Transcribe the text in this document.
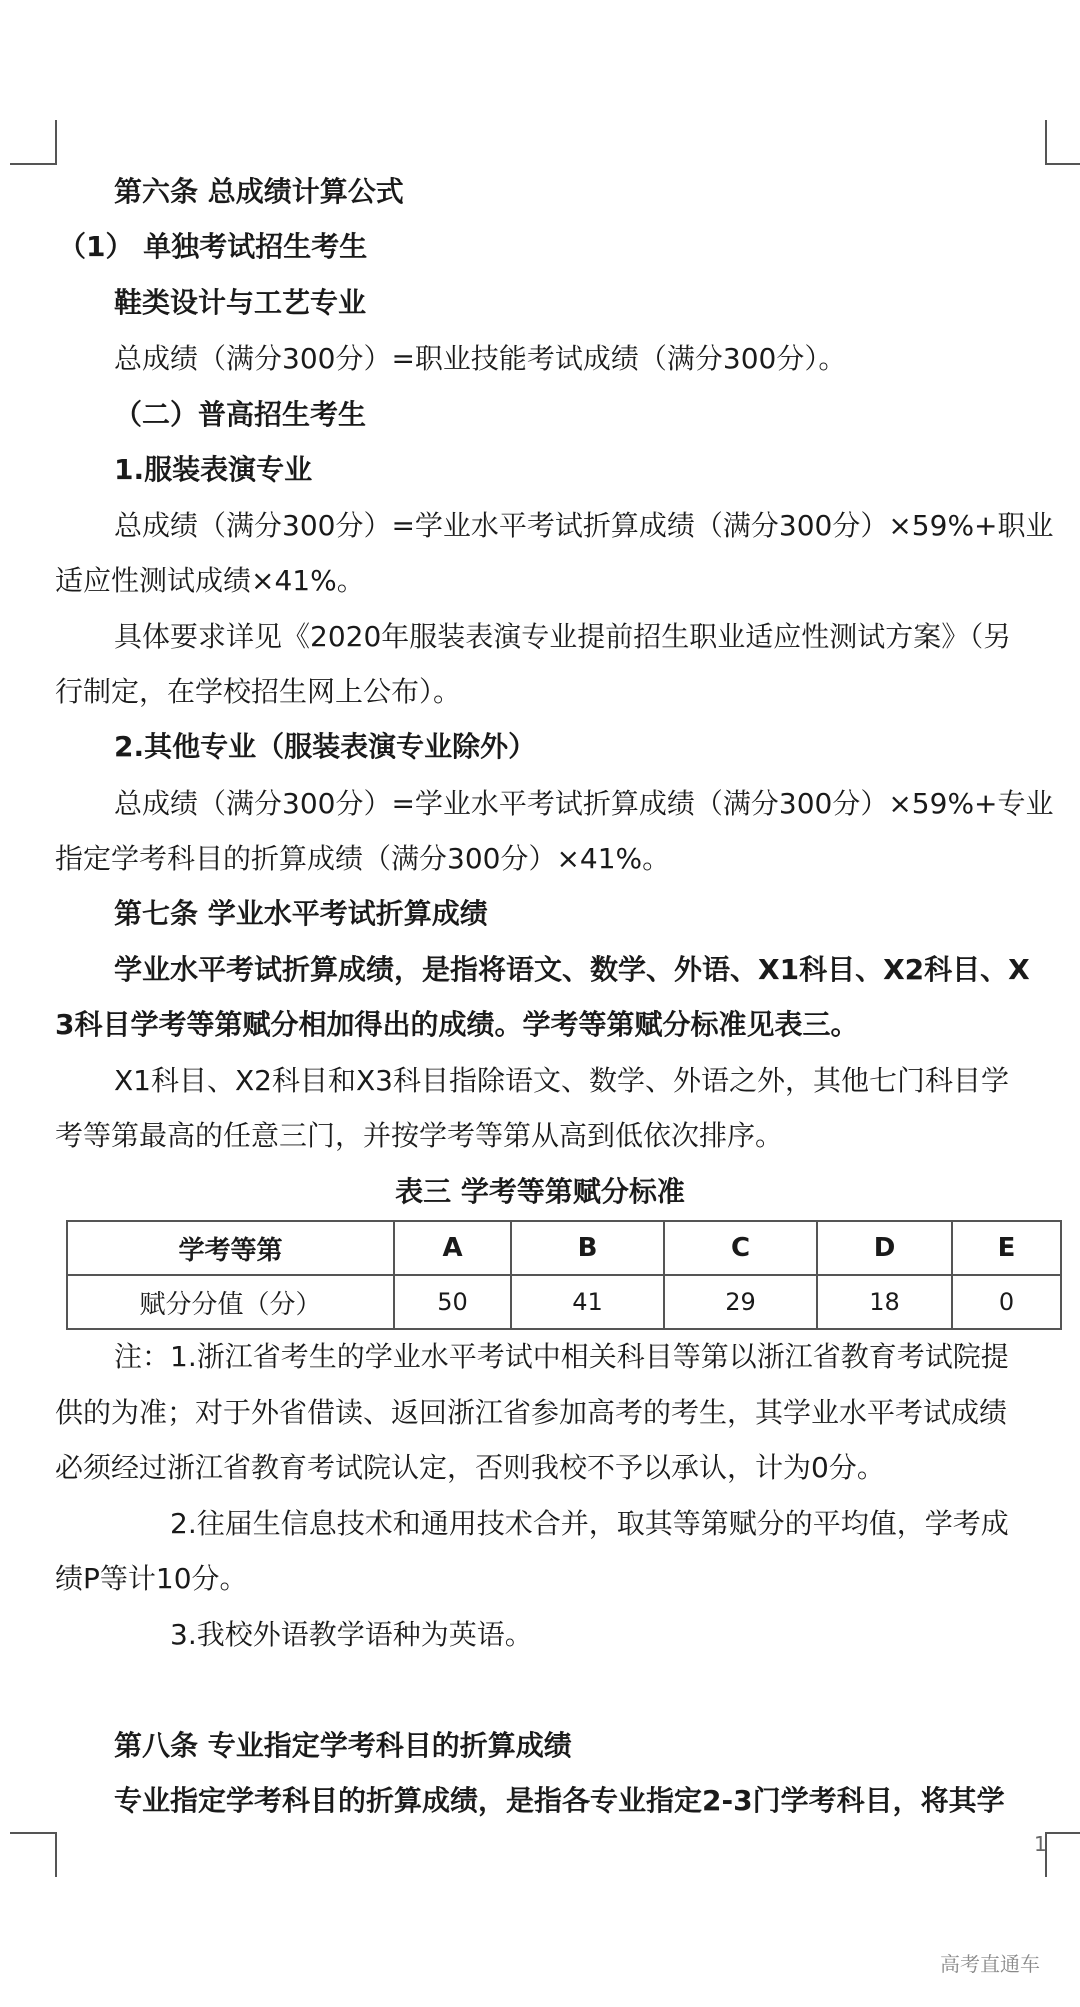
第六条 总成绩计算公式
（1） 单独考试招生考生
鞋类设计与工艺专业
总成绩（满分300分）=职业技能考试成绩（满分300分）。
（二）普高招生考生
1.服装表演专业
总成绩（满分300分）=学业水平考试折算成绩（满分300分）×59%+职业
适应性测试成绩×41%。
具体要求详见《2020年服装表演专业提前招生职业适应性测试方案》（另
行制定，在学校招生网上公布）。
2.其他专业（服装表演专业除外）
总成绩（满分300分）=学业水平考试折算成绩（满分300分）×59%+专业
指定学考科目的折算成绩（满分300分）×41%。
第七条 学业水平考试折算成绩
学业水平考试折算成绩，是指将语文、数学、外语、X1科目、X2科目、X
3科目学考等第赋分相加得出的成绩。学考等第赋分标准见表三。
X1科目、X2科目和X3科目指除语文、数学、外语之外，其他七门科目学
考等第最高的任意三门，并按学考等第从高到低依次排序。
表三 学考等第赋分标准
学考等第	A	B	C	D	E
赋分分值（分）	50	41	29	18	0
注：1.浙江省考生的学业水平考试中相关科目等第以浙江省教育考试院提
供的为准；对于外省借读、返回浙江省参加高考的考生，其学业水平考试成绩
必须经过浙江省教育考试院认定，否则我校不予以承认，计为0分。
2.往届生信息技术和通用技术合并，取其等第赋分的平均值，学考成
绩P等计10分。
3.我校外语教学语种为英语。
第八条 专业指定学考科目的折算成绩
专业指定学考科目的折算成绩，是指各专业指定2-3门学考科目，将其学
1
高考直通车
